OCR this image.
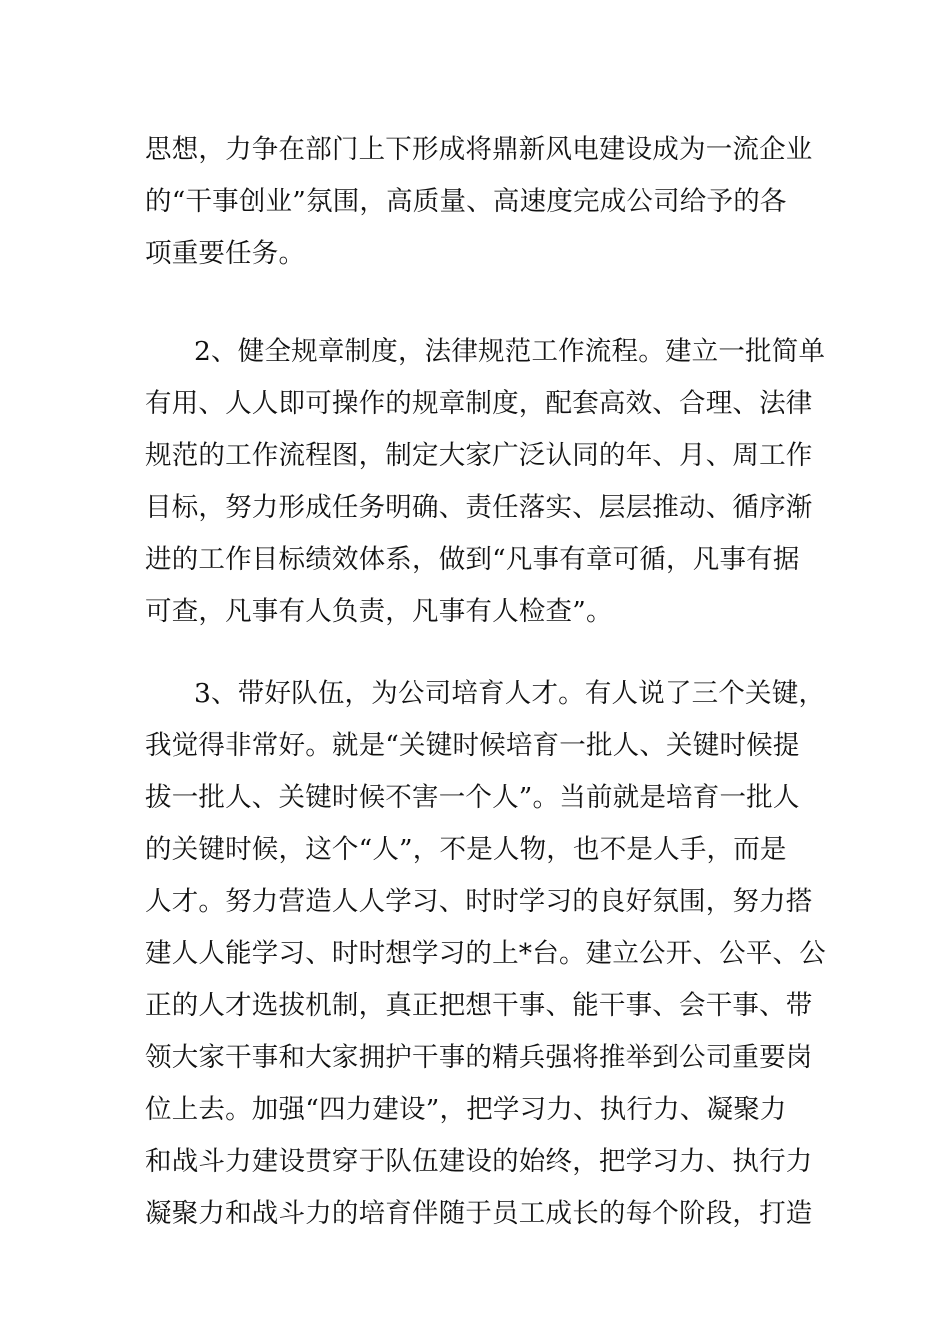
思想，力争在部门上下形成将鼎新风电建设成为一流企业
的“干事创业”氛围，高质量、高速度完成公司给予的各
项重要任务。
2、健全规章制度，法律规范工作流程。建立一批简单
有用、人人即可操作的规章制度，配套高效、合理、法律
规范的工作流程图，制定大家广泛认同的年、月、周工作
目标，努力形成任务明确、责任落实、层层推动、循序渐
进的工作目标绩效体系，做到“凡事有章可循，凡事有据
可查，凡事有人负责，凡事有人检查”。
3、带好队伍，为公司培育人才。有人说了三个关键，
我觉得非常好。就是“关键时候培育一批人、关键时候提
拔一批人、关键时候不害一个人”。当前就是培育一批人
的关键时候，这个“人”，不是人物，也不是人手，而是
人才。努力营造人人学习、时时学习的良好氛围，努力搭
建人人能学习、时时想学习的上*台。建立公开、公平、公
正的人才选拔机制，真正把想干事、能干事、会干事、带
领大家干事和大家拥护干事的精兵强将推举到公司重要岗
位上去。加强“四力建设”，把学习力、执行力、凝聚力
和战斗力建设贯穿于队伍建设的始终，把学习力、执行力
凝聚力和战斗力的培育伴随于员工成长的每个阶段，打造
